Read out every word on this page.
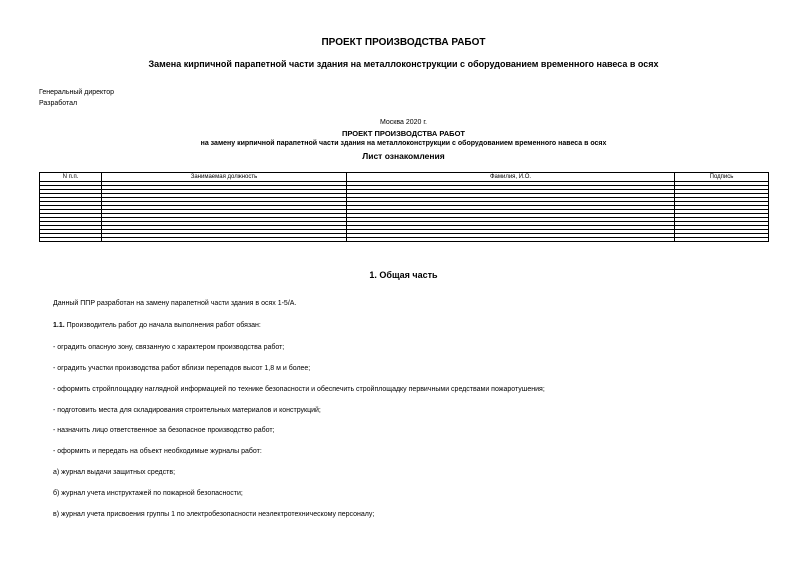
ПРОЕКТ ПРОИЗВОДСТВА РАБОТ
Замена кирпичной парапетной части здания на металлоконструкции с оборудованием временного навеса в осях
Генеральный директор
Разработал
Москва 2020 г.
ПРОЕКТ ПРОИЗВОДСТВА РАБОТ
на замену кирпичной парапетной части здания на металлоконструкции с оборудованием временного навеса в осях
Лист ознакомления
N п.п.	Занимаемая должность	Фамилия, И.О.	Подпись

1. Общая часть
Данный ППР разработан на замену парапетной части здания в осях 1-5/А.
1.1. Производитель работ до начала выполнения работ обязан:
- оградить опасную зону, связанную с характером производства работ;
- оградить участки производства работ вблизи перепадов высот 1,8 м и более;
- оформить стройплощадку наглядной информацией по технике безопасности и обеспечить стройплощадку первичными средствами пожаротушения;
- подготовить места для складирования строительных материалов и конструкций;
- назначить лицо ответственное за безопасное производство работ;
- оформить и передать на объект необходимые журналы работ:
а) журнал выдачи защитных средств;
б) журнал учета инструктажей по пожарной безопасности;
в) журнал учета присвоения группы 1 по электробезопасности неэлектротехническому персоналу;
